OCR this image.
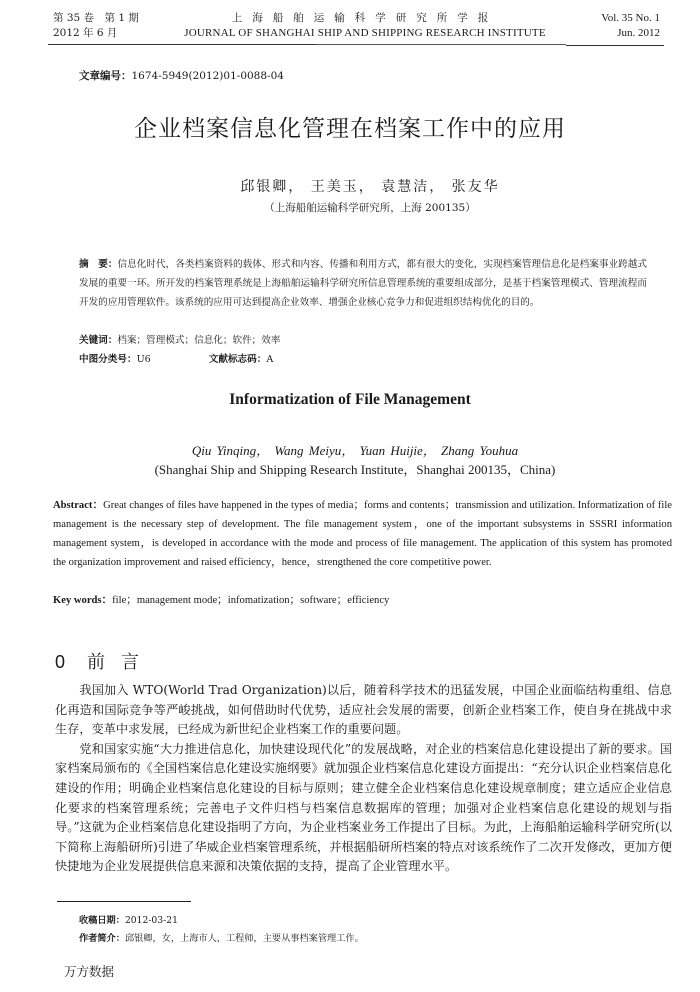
第 35 卷　第 1 期
2012 年 6 月
上海船舶运输科学研究所学报
JOURNAL OF SHANGHAI SHIP AND SHIPPING RESEARCH INSTITUTE
Vol. 35 No. 1
Jun. 2012
文章编号：1674-5949(2012)01-0088-04
企业档案信息化管理在档案工作中的应用
邱银卿， 王美玉， 袁慧洁， 张友华
（上海船舶运输科学研究所，上海 200135）
摘　要：信息化时代，各类档案资料的载体、形式和内容、传播和利用方式，都有很大的变化，实现档案管理信息化是档案事业跨越式发展的重要一环。所开发的档案管理系统是上海船舶运输科学研究所信息管理系统的重要组成部分，是基于档案管理模式、管理流程而开发的应用管理软件。该系统的应用可达到提高企业效率、增强企业核心竞争力和促进组织结构优化的目的。
关键词：档案；管理模式；信息化；软件；效率
中图分类号：U6	文献标志码：A
Informatization of File Management
Qiu Yinqing， Wang Meiyu， Yuan Huijie， Zhang Youhua
(Shanghai Ship and Shipping Research Institute，Shanghai 200135，China)
Abstract：Great changes of files have happened in the types of media；forms and contents；transmission and utilization. Informatization of file management is the necessary step of development. The file management system，one of the important subsystems in SSSRI information management system，is developed in accordance with the mode and process of file management. The application of this system has promoted the organization improvement and raised efficiency，hence，strengthened the core competitive power.
Key words：file；management mode；infomatization；software；efficiency
0 前言

我国加入 WTO(World Trad Organization)以后，随着科学技术的迅猛发展，中国企业面临结构重组、信息化再造和国际竞争等严峻挑战，如何借助时代优势，适应社会发展的需要，创新企业档案工作，使自身在挑战中求生存，变革中求发展，已经成为新世纪企业档案工作的重要问题。

党和国家实施“大力推进信息化，加快建设现代化”的发展战略，对企业的档案信息化建设提出了新的要求。国家档案局颁布的《全国档案信息化建设实施纲要》就加强企业档案信息化建设方面提出：“充分认识企业档案信息化建设的作用；明确企业档案信息化建设的目标与原则；建立健全企业档案信息化建设规章制度；建立适应企业信息化要求的档案管理系统；完善电子文件归档与档案信息数据库的管理；加强对企业档案信息化建设的规划与指导。”这就为企业档案信息化建设指明了方向，为企业档案业务工作提出了目标。为此，上海船舶运输科学研究所(以下简称上海船研所)引进了华威企业档案管理系统，并根据船研所档案的特点对该系统作了二次开发修改，更加方便快捷地为企业发展提供信息来源和决策依据的支持，提高了企业管理水平。

收稿日期：2012-03-21
作者简介：邱银卿，女，上海市人，工程师，主要从事档案管理工作。
万方数据
